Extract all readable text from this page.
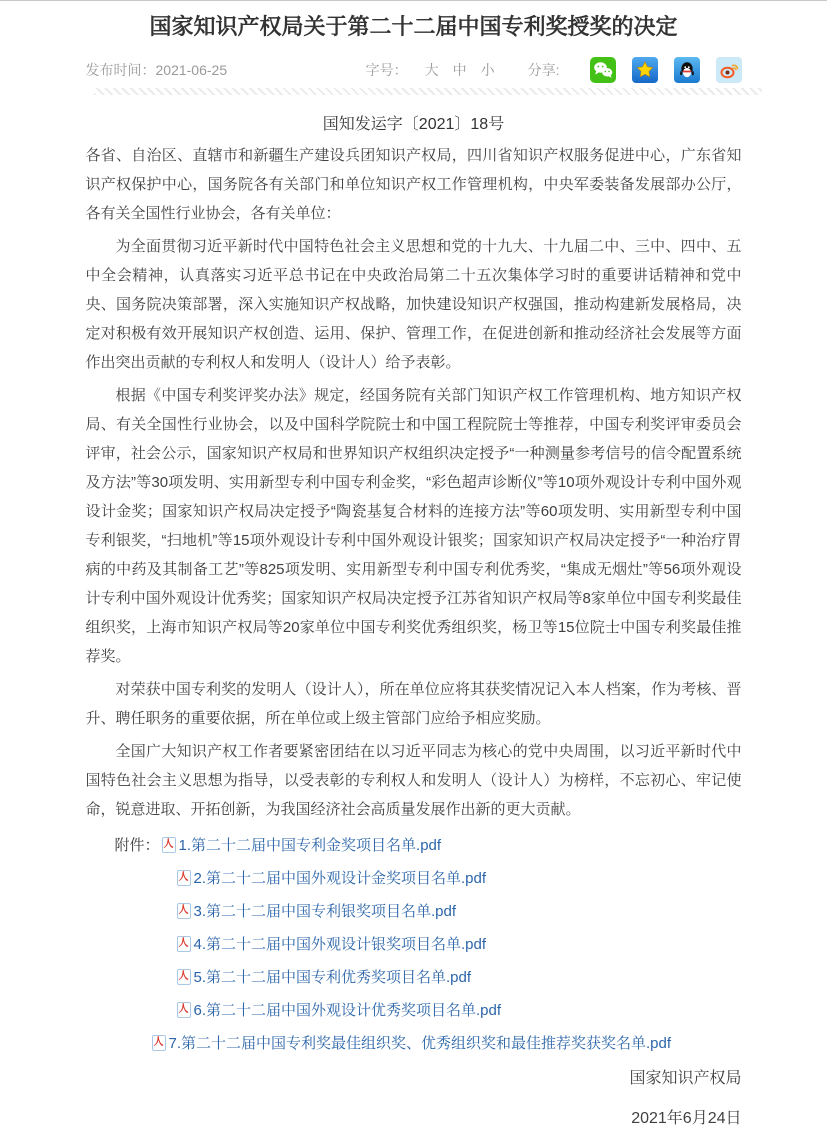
国家知识产权局关于第二十二届中国专利奖授奖的决定
发布时间：2021-06-25	字号： 大 中 小 分享:
国知发运字〔2021〕18号

各省、自治区、直辖市和新疆生产建设兵团知识产权局，四川省知识产权服务促进中心，广东省知识产权保护中心，国务院各有关部门和单位知识产权工作管理机构，中央军委装备发展部办公厅，各有关全国性行业协会，各有关单位：

为全面贯彻习近平新时代中国特色社会主义思想和党的十九大、十九届二中、三中、四中、五中全会精神，认真落实习近平总书记在中央政治局第二十五次集体学习时的重要讲话精神和党中央、国务院决策部署，深入实施知识产权战略，加快建设知识产权强国，推动构建新发展格局，决定对积极有效开展知识产权创造、运用、保护、管理工作，在促进创新和推动经济社会发展等方面作出突出贡献的专利权人和发明人（设计人）给予表彰。

根据《中国专利奖评奖办法》规定，经国务院有关部门知识产权工作管理机构、地方知识产权局、有关全国性行业协会，以及中国科学院院士和中国工程院院士等推荐，中国专利奖评审委员会评审，社会公示，国家知识产权局和世界知识产权组织决定授予“一种测量参考信号的信令配置系统及方法”等30项发明、实用新型专利中国专利金奖，“彩色超声诊断仪”等10项外观设计专利中国外观设计金奖；国家知识产权局决定授予“陶瓷基复合材料的连接方法”等60项发明、实用新型专利中国专利银奖，“扫地机”等15项外观设计专利中国外观设计银奖；国家知识产权局决定授予“一种治疗胃病的中药及其制备工艺”等825项发明、实用新型专利中国专利优秀奖，“集成无烟灶”等56项外观设计专利中国外观设计优秀奖；国家知识产权局决定授予江苏省知识产权局等8家单位中国专利奖最佳组织奖，上海市知识产权局等20家单位中国专利奖优秀组织奖，杨卫等15位院士中国专利奖最佳推荐奖。

对荣获中国专利奖的发明人（设计人），所在单位应将其获奖情况记入本人档案，作为考核、晋升、聘任职务的重要依据，所在单位或上级主管部门应给予相应奖励。

全国广大知识产权工作者要紧密团结在以习近平同志为核心的党中央周围，以习近平新时代中国特色社会主义思想为指导，以受表彰的专利权人和发明人（设计人）为榜样，不忘初心、牢记使命，锐意进取、开拓创新，为我国经济社会高质量发展作出新的更大贡献。

附件： 人 1.第二十二届中国专利金奖项目名单.pdf
人
2.第二十二届中国外观设计金奖项目名单.pdf
人
3.第二十二届中国专利银奖项目名单.pdf
人
4.第二十二届中国外观设计银奖项目名单.pdf
人
5.第二十二届中国专利优秀奖项目名单.pdf
人
6.第二十二届中国外观设计优秀奖项目名单.pdf
人
7.第二十二届中国专利奖最佳组织奖、优秀组织奖和最佳推荐奖获奖名单.pdf
国家知识产权局
2021年6月24日
